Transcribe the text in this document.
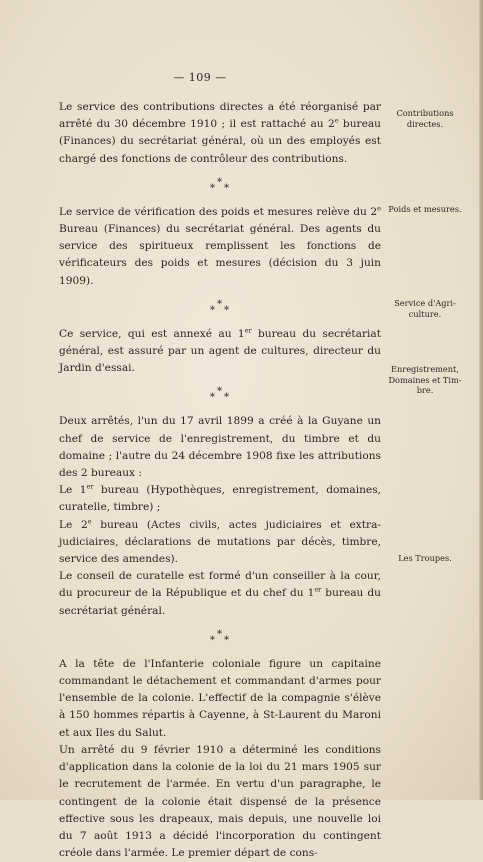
— 109 —

Le service des contributions directes a été réorganisé par arrêté du 30 décembre 1910 ; il est rattaché au 2e bureau (Finances) du secrétariat général, où un des employés est chargé des fonctions de contrôleur des contributions.

*
* *

Le service de vérification des poids et mesures relève du 2e Bureau (Finances) du secrétariat général. Des agents du service des spiritueux remplissent les fonctions de vérificateurs des poids et mesures (décision du 3 juin 1909).

*
* *

Ce service, qui est annexé au 1er bureau du secrétariat général, est assuré par un agent de cultures, directeur du Jardin d'essai.

*
* *

Deux arrêtés, l'un du 17 avril 1899 a créé à la Guyane un chef de service de l'enregistrement, du timbre et du domaine ; l'autre du 24 décembre 1908 fixe les attributions des 2 bureaux :

Le 1er bureau (Hypothèques, enregistrement, domaines, curatelle, timbre) ;

Le 2e bureau (Actes civils, actes judiciaires et extra-judiciaires, déclarations de mutations par décès, timbre, service des amendes).

Le conseil de curatelle est formé d'un conseiller à la cour, du procureur de la République et du chef du 1er bureau du secrétariat général.

*
* *

A la tête de l'Infanterie coloniale figure un capitaine commandant le détachement et commandant d'armes pour l'ensemble de la colonie. L'effectif de la compagnie s'élève à 150 hommes répartis à Cayenne, à St-Laurent du Maroni et aux Iles du Salut.

Un arrêté du 9 février 1910 a déterminé les conditions d'application dans la colonie de la loi du 21 mars 1905 sur le recrutement de l'armée. En vertu d'un paragraphe, le contingent de la colonie était dispensé de la présence effective sous les drapeaux, mais depuis, une nouvelle loi du 7 août 1913 a décidé l'incorporation du contingent créole dans l'armée. Le premier départ de cons-

Contributions
directes.
Poids et mesures.
Service d'Agri-
culture.
Enregistrement,
Domaines et Tim-
bre.
Les Troupes.
